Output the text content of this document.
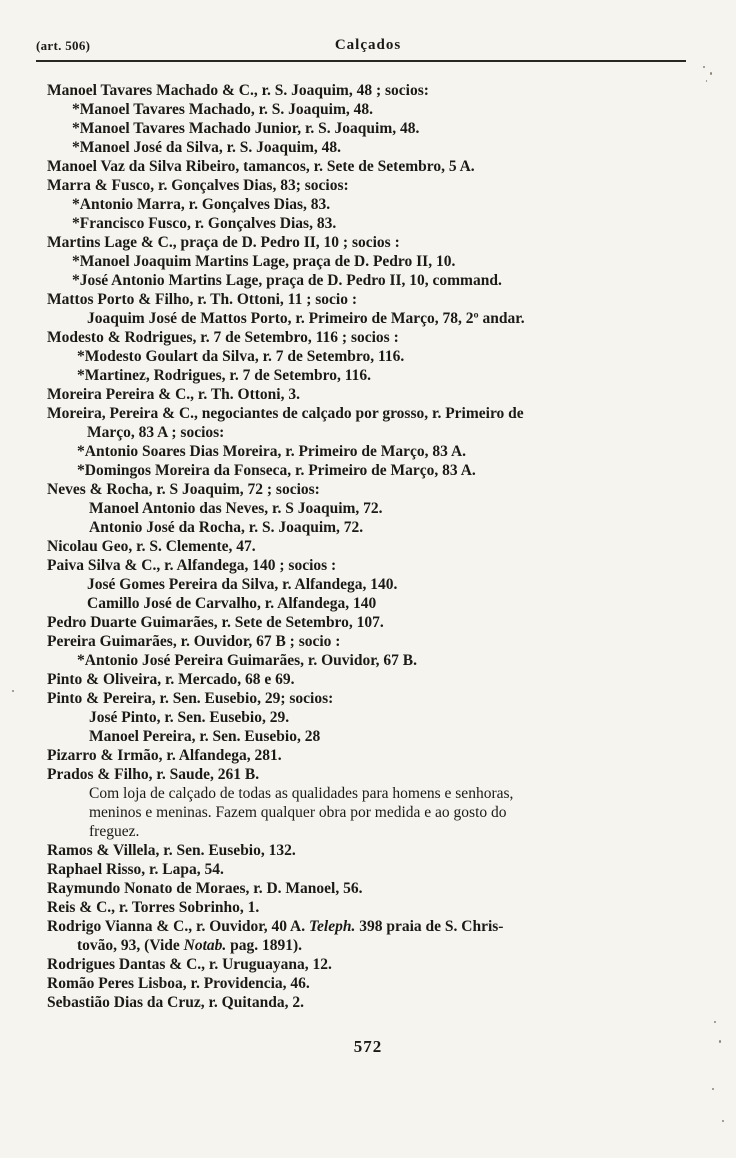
(art. 506)	Calçados
Manoel Tavares Machado & C., r. S. Joaquim, 48 ; socios:
*Manoel Tavares Machado, r. S. Joaquim, 48.
*Manoel Tavares Machado Junior, r. S. Joaquim, 48.
*Manoel José da Silva, r. S. Joaquim, 48.
Manoel Vaz da Silva Ribeiro, tamancos, r. Sete de Setembro, 5 A.
Marra & Fusco, r. Gonçalves Dias, 83; socios:
*Antonio Marra, r. Gonçalves Dias, 83.
*Francisco Fusco, r. Gonçalves Dias, 83.
Martins Lage & C., praça de D. Pedro II, 10 ; socios :
*Manoel Joaquim Martins Lage, praça de D. Pedro II, 10.
*José Antonio Martins Lage, praça de D. Pedro II, 10, command.
Mattos Porto & Filho, r. Th. Ottoni, 11 ; socio :
Joaquim José de Mattos Porto, r. Primeiro de Março, 78, 2º andar.
Modesto & Rodrigues, r. 7 de Setembro, 116 ; socios :
*Modesto Goulart da Silva, r. 7 de Setembro, 116.
*Martinez, Rodrigues, r. 7 de Setembro, 116.
Moreira Pereira & C., r. Th. Ottoni, 3.
Moreira, Pereira & C., negociantes de calçado por grosso, r. Primeiro de
Março, 83 A ; socios:
*Antonio Soares Dias Moreira, r. Primeiro de Março, 83 A.
*Domingos Moreira da Fonseca, r. Primeiro de Março, 83 A.
Neves & Rocha, r. S Joaquim, 72 ; socios:
Manoel Antonio das Neves, r. S Joaquim, 72.
Antonio José da Rocha, r. S. Joaquim, 72.
Nicolau Geo, r. S. Clemente, 47.
Paiva Silva & C., r. Alfandega, 140 ; socios :
José Gomes Pereira da Silva, r. Alfandega, 140.
Camillo José de Carvalho, r. Alfandega, 140
Pedro Duarte Guimarães, r. Sete de Setembro, 107.
Pereira Guimarães, r. Ouvidor, 67 B ; socio :
*Antonio José Pereira Guimarães, r. Ouvidor, 67 B.
Pinto & Oliveira, r. Mercado, 68 e 69.
Pinto & Pereira, r. Sen. Eusebio, 29; socios:
José Pinto, r. Sen. Eusebio, 29.
Manoel Pereira, r. Sen. Eusebio, 28
Pizarro & Irmão, r. Alfandega, 281.
Prados & Filho, r. Saude, 261 B.
Com loja de calçado de todas as qualidades para homens e senhoras,
meninos e meninas. Fazem qualquer obra por medida e ao gosto do
freguez.
Ramos & Villela, r. Sen. Eusebio, 132.
Raphael Risso, r. Lapa, 54.
Raymundo Nonato de Moraes, r. D. Manoel, 56.
Reis & C., r. Torres Sobrinho, 1.
Rodrigo Vianna & C., r. Ouvidor, 40 A. Teleph. 398 praia de S. Chris-
tovão, 93, (Vide Notab. pag. 1891).
Rodrigues Dantas & C., r. Uruguayana, 12.
Romão Peres Lisboa, r. Providencia, 46.
Sebastião Dias da Cruz, r. Quitanda, 2.
572
